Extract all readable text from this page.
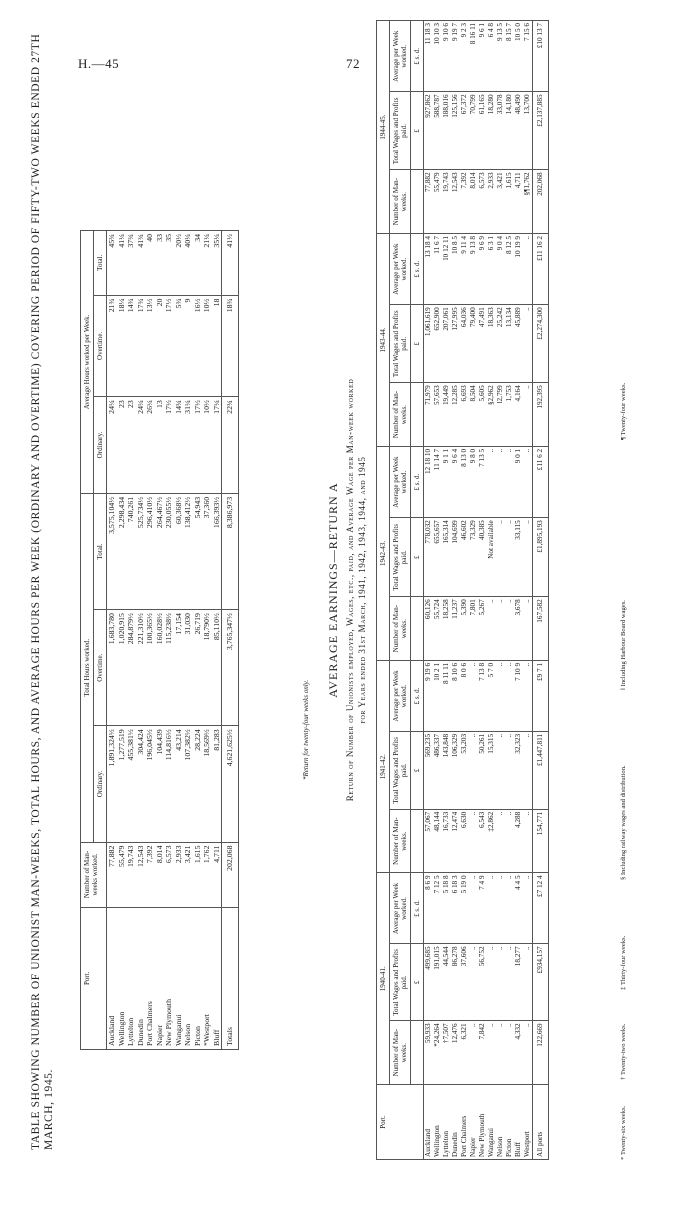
H.—45	72
TABLE SHOWING NUMBER OF UNIONIST MAN-WEEKS, TOTAL HOURS, AND AVERAGE HOURS PER WEEK (ORDINARY AND OVERTIME) COVERING PERIOD OF FIFTY-TWO WEEKS ENDED 27TH MARCH, 1945.
Port.	Number of Man-weeks worked.	Total Hours worked.			Average Hours worked per Week.		
		Ordinary.	Overtime.	Total.	Ordinary.	Overtime.	Total.
Auckland	77,882	1,891,324½	1,683,780	3,575,104½	24¼	21¾	45¾
Wellington	55,479	1,277,519	1,020,915	2,298,434	23	18¼	41¼
Lyttelton	19,743	455,381½	284,879½	740,261	23	14¾	37¾
Dunedin	12,543	304,424	221,310½	525,734½	24¼	17¾	41¾
Port Chalmers	7,392	196,045½	100,365½	296,410½	26¼	13½	40
Napier	8,014	104,439	160,028½	264,467½	13	20	33
New Plymouth	6,573	114,816½	115,238½	230,055½	17½	17½	35
Wanganui	2,933	43,214	17,154	60,368½	14¾	5¾	20½
Nelson	3,421	107,382½	31,030	138,412½	31¼	9	40¼
Picton	1,615	28,224	26,719	54,943	17½	16½	34
*Westport	1,762	18,569½	18,790½	37,360	10½	10½	21¼
Bluff	4,711	81,283	85,110½	166,393½	17¼	18	35¼
Totals	202,068	4,621,625½	3,765,347½	8,386,973	22¾	18¾	41½
*Return for twenty-four weeks only.
AVERAGE EARNINGS—RETURN A Return of Number of Unionists employed, Wages, etc., paid, and Average Wage per Man-week worked for Years ended 31st March, 1941, 1942, 1943, 1944, and 1945
Port.	1940-41.			1941-42.			1942-43.			1943-44.			1944-45.		
	Number of Man-weeks.	Total Wages and Profits paid.	Average per Week worked.	Number of Man-weeks.	Total Wages and Profits paid.	Average per Week worked.	Number of Man-weeks.	Total Wages and Profits paid.	Average per Week worked.	Number of Man-weeks.	Total Wages and Profits paid.	Average per Week worked.	Number of Man-weeks.	Total Wages and Profits paid.	Average per Week worked.
		£	£ s. d.		£	£ s. d.		£	£ s. d.		£	£ s. d.		£	£ s. d.
Auckland	59,933	499,685	8 6 9	57,067	569,235	9 19 6	60,126	778,032	12 18 10	71,979	1,061,619	13 18 4	77,882	927,862	11 18 3
Wellington	*24,264	191,015	7 12 5	48,144	486,337	10 2 1	55,724	655,657	11 14 7	57,653	652,900	11 6 7	55,479	588,787	10 10 3
Lyttelton	†7,507	44,544	5 18 8	16,733	143,848	8 11 11	18,258	165,314	9 1 1	19,449	207,061	10 12 11	19,743	188,016	9 10 6
Dunedin	12,476	86,278	6 18 3	12,474	106,329	8 10 6	11,237	104,699	9 6 4	12,285	127,995	10 8 5	12,543	125,156	9 19 7
Port Chalmers	6,321	37,606	5 19 0	6,630	53,203	8 0 6	5,390	46,602	8 13 0	6,693	64,036	9 11 4	7,392	67,372	9 2 3
Napier	..	..	..	..	..	..	7,801	73,329	9 8 0	8,504	79,400	9 13 8	8,014	70,799	8 16 11
New Plymouth	7,842	56,752	7 4 9	6,543	50,261	7 13 8	5,267	40,385	7 13 5	5,605	47,491	9 6 9	6,573	61,165	9 6 1
Wanganui	..	..	..	‡2,862	15,315	5 7 0	..	Not available	..	§2,962	18,363	6 3 1	2,933	18,280	6 4 8
Nelson	..	..	..	..	..	..	..	..	..	‖2,799	25,242	9 0 4	3,421	33,078	9 13 5
Picton	..	..	..	..	..	..	..	..	..	1,753	13,134	8 12 5	1,615	14,180	8 15 7
Bluff	4,332	18,277	4 4 5	4,288	32,323	7 10 9	3,678	33,115	9 0 1	4,164	45,889	10 19 9	4,711	48,490	10 5 0
Westport	..	..	..	..	..	..	..	..	..	..	..	..	§¶1,762	13,700	7 15 6
All ports	122,669	£934,157	£7 12 4	154,771	£1,447,811	£9 7 1	167,582	£1,895,193	£11 6 2	192,395	£2,274,300	£11 16 2	202,068	£2,137,885	£10 13 7
* Twenty-six weeks.
† Twenty-two weeks.
‡ Thirty-four weeks.
§ Including railway wages and distribution.
‖ Including Harbour Board wages.
¶ Twenty-four weeks.
